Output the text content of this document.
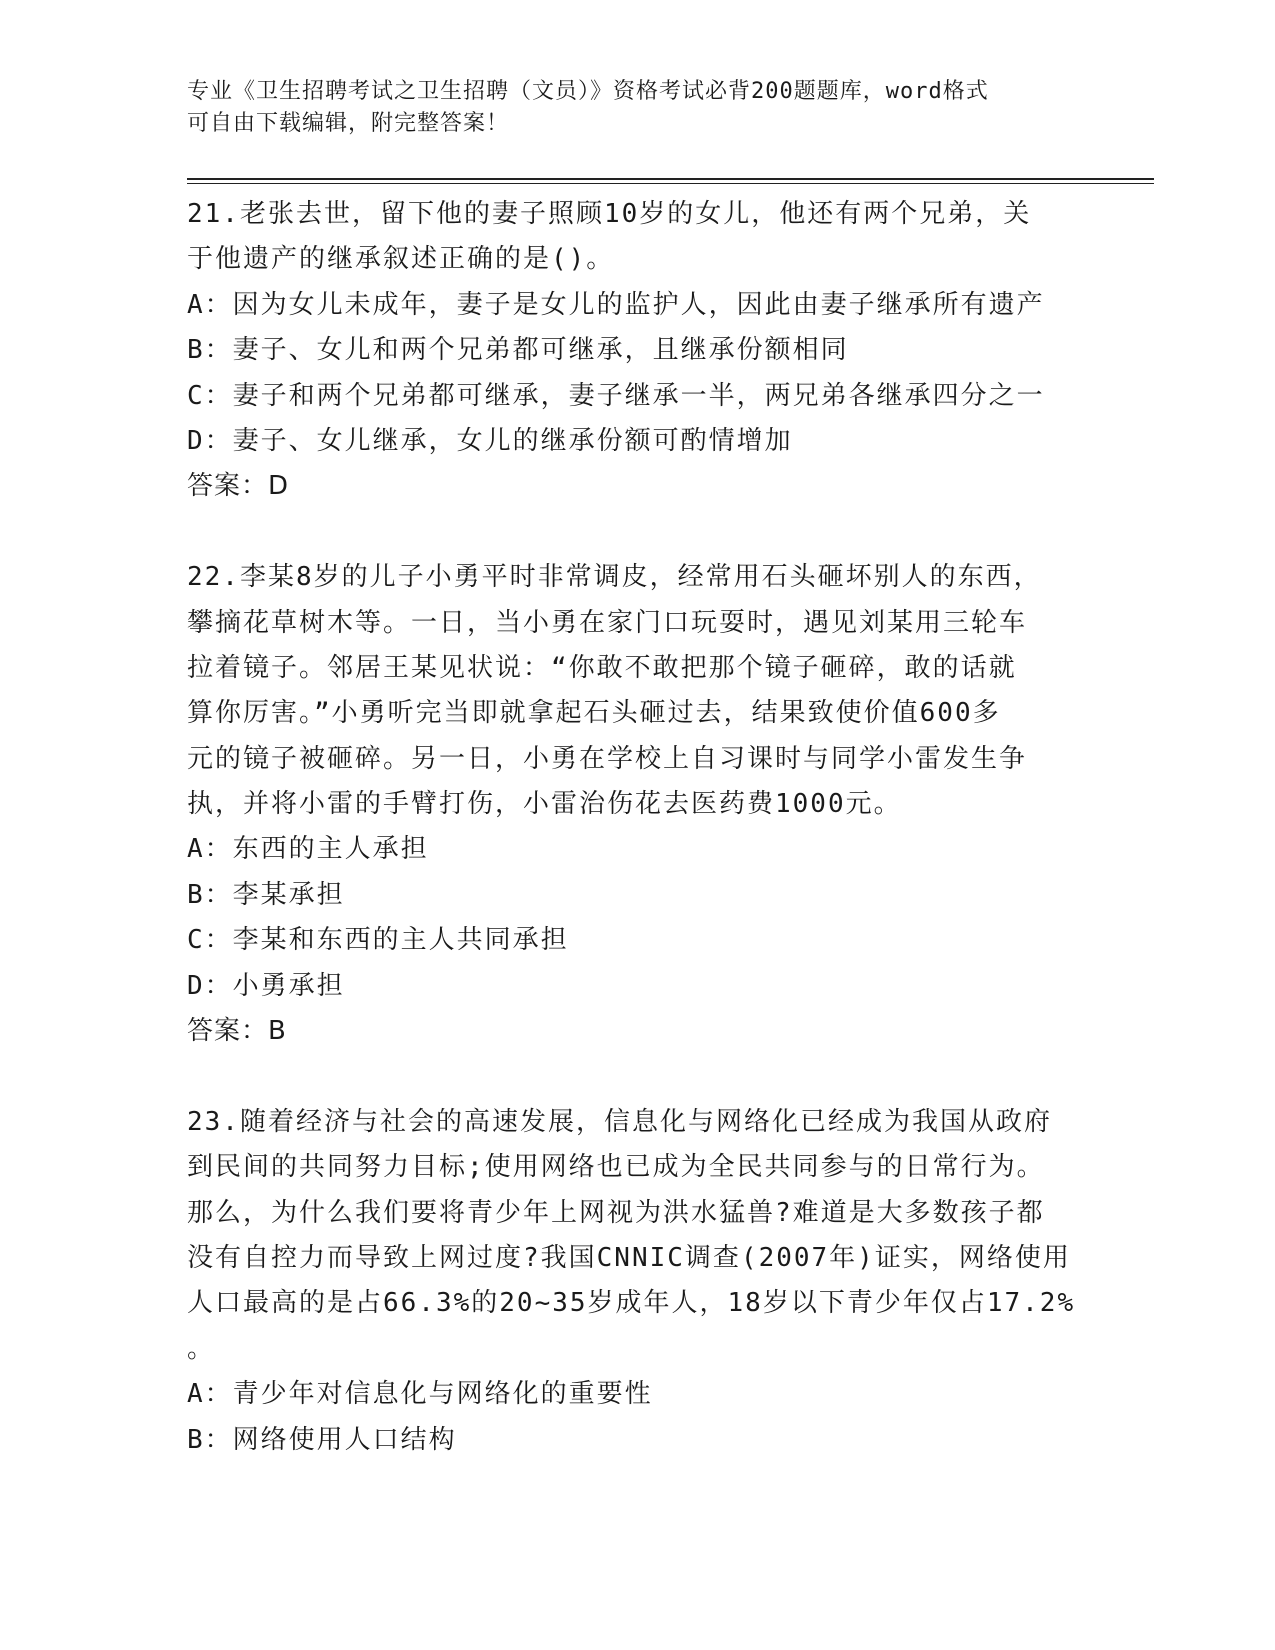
专业《卫生招聘考试之卫生招聘（文员）》资格考试必背200题题库，word格式
可自由下载编辑，附完整答案！
21.老张去世，留下他的妻子照顾10岁的女儿，他还有两个兄弟，关
于他遗产的继承叙述正确的是()。
A：因为女儿未成年，妻子是女儿的监护人，因此由妻子继承所有遗产
B：妻子、女儿和两个兄弟都可继承，且继承份额相同
C：妻子和两个兄弟都可继承，妻子继承一半，两兄弟各继承四分之一
D：妻子、女儿继承，女儿的继承份额可酌情增加
答案：D
22.李某8岁的儿子小勇平时非常调皮，经常用石头砸坏别人的东西，
攀摘花草树木等。一日，当小勇在家门口玩耍时，遇见刘某用三轮车
拉着镜子。邻居王某见状说：“你敢不敢把那个镜子砸碎，敢的话就
算你厉害。”小勇听完当即就拿起石头砸过去，结果致使价值600多
元的镜子被砸碎。另一日，小勇在学校上自习课时与同学小雷发生争
执，并将小雷的手臂打伤，小雷治伤花去医药费1000元。
A：东西的主人承担
B：李某承担
C：李某和东西的主人共同承担
D：小勇承担
答案：B
23.随着经济与社会的高速发展，信息化与网络化已经成为我国从政府
到民间的共同努力目标;使用网络也已成为全民共同参与的日常行为。
那么，为什么我们要将青少年上网视为洪水猛兽?难道是大多数孩子都
没有自控力而导致上网过度?我国CNNIC调查(2007年)证实，网络使用
人口最高的是占66.3%的20~35岁成年人，18岁以下青少年仅占17.2%
。
A：青少年对信息化与网络化的重要性
B：网络使用人口结构
